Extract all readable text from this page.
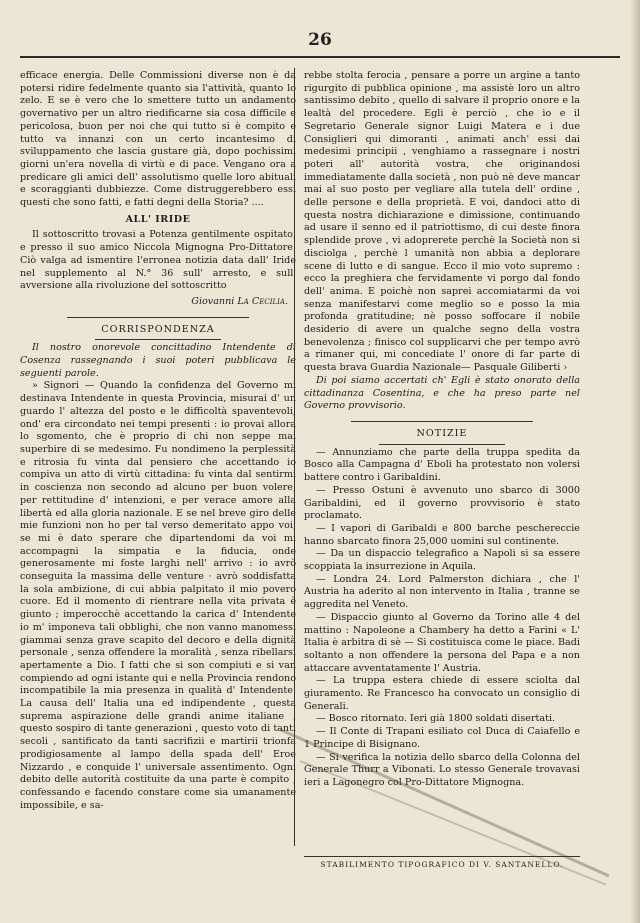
26

efficace energia. Delle Commissioni diverse non è da potersi ridire fedelmente quanto sia l'attività, quanto lo zelo. E se è vero che lo smettere tutto un andamento governativo per un altro riedificarne sia cosa difficile e pericolosa, buon per noi che qui tutto si è compito e tutto va innanzi con un certo incantesimo di sviluppamento che lascia gustare già, dopo pochissimi giorni un'era novella di virtù e di pace. Vengano ora a predicare gli amici dell' assolutismo quelle loro abituali e scoraggianti dubbiezze. Come distruggerebbero essi questi che sono fatti, e fatti degni della Storia? ....

ALL' IRIDE

Il sottoscritto trovasi a Potenza gentilmente ospitato, e presso il suo amico Niccola Mignogna Pro-Dittatore. Ciò valga ad ismentire l'erronea notizia data dall' Iride nel supplemento al N.° 36 sull' arresto, e sull' avversione alla rivoluzione del sottoscritto

Giovanni La Cecilia.
CORRISPONDENZA

Il nostro onorevole concittadino Intendente di Cosenza rassegnando i suoi poteri pubblicava le seguenti parole.

» Signori — Quando la confidenza del Governo mi destinava Intendente in questa Provincia, misurai d' un guardo l' altezza del posto e le difficoltà spaventevoli, ond' era circondato nei tempi presenti : io provai allora lo sgomento, che è proprio di chi non seppe mai superbire di se medesimo. Fu nondimeno la perplessità e ritrosia fu vinta dal pensiero che accettando io compiva un atto di virtù cittadina: fu vinta dal sentirmi in coscienza non secondo ad alcuno per buon volere, per rettitudine d' intenzioni, e per verace amore alla libertà ed alla gloria nazionale. E se nel breve giro delle mie funzioni non ho per tal verso demeritato appo voi, se mi è dato sperare che dipartendomi da voi mi accompagni la simpatia e la fiducia, onde generosamente mi foste larghi nell' arrivo : io avrò conseguita la massima delle venture · avrò soddisfatta la sola ambizione, di cui abbia palpitato il mio povero cuore. Ed il momento di rientrare nella vita privata è giunto ; imperocchè accettando la carica d' Intendente io m' imponeva tali obblighi, che non vanno manomessi giammai senza grave scapito del decoro e della dignità personale , senza offendere la moralità , senza ribellarsi apertamente a Dio. I fatti che si son compiuti e si van compiendo ad ogni istante qui e nella Provincia rendono incompatibile la mia presenza in qualità d' Intendente. La causa dell' Italia una ed indipendente , questa suprema aspirazione delle grandi anime italiane , questo sospiro di tante generazioni , questo voto di tanti secoli , santificato da tanti sacrifizii e martirii trionfa prodigiosamente al lampo della spada dell' Eroe Nizzardo , e conquide l' universale assentimento. Ogni debito delle autorità costituite da una parte è compito , confessando e facendo constare come sia umanamente impossibile, e sa-

rebbe stolta ferocia , pensare a porre un argine a tanto rigurgito di pubblica opinione , ma assistè loro un altro santissimo debito , quello di salvare il proprio onore e la lealtà del procedere. Egli è perciò , che io e il Segretario Generale signor Luigi Matera e i due Consiglieri qui dimoranti , animati anch' essi dai medesimi principii , venghiamo a rassegnare i nostri poteri all' autorità vostra, che originandosi immediatamente dalla società , non può nè deve mancar mai al suo posto per vegliare alla tutela dell' ordine , delle persone e della proprietà. E voi, dandoci atto di questa nostra dichiarazione e dimissione, continuando ad usare il senno ed il patriottismo, di cui deste finora splendide prove , vi adoprerete perchè la Società non si disciolga , perchè l umanità non abbia a deplorare scene di lutto e di sangue. Ecco il mio voto supremo : ecco la preghiera che fervidamente vi porgo dal fondo dell' anima. E poichè non saprei accomiatarmi da voi senza manifestarvi come meglio so e posso la mia profonda gratitudine; nè posso soffocare il nobile desiderio di avere un qualche segno della vostra benevolenza ; finisco col supplicarvi che per tempo avrò a rimaner qui, mi concediate l' onore di far parte di questa brava Guardia Nazionale— Pasquale Giliberti ›

Di poi siamo accertati ch' Egli è stato onorato della cittadinanza Cosentina, e che ha preso parte nel Governo provvisorio.

NOTIZIE

— Annunziamo che parte della truppa spedita da Bosco alla Campagna d' Eboli ha protestato non volersi battere contro i Garibaldini.

— Presso Ostuni è avvenuto uno sbarco di 3000 Garibaldini, ed il governo provvisorio è stato proclamato.

— I vapori di Garibaldi e 800 barche peschereccie hanno sbarcato finora 25,000 uomini sul continente.

— Da un dispaccio telegrafico a Napoli si sa essere scoppiata la insurrezione in Aquila.

— Londra 24. Lord Palmerston dichiara , che l' Austria ha aderito al non intervento in Italia , tranne se aggredita nel Veneto.

— Dispaccio giunto al Governo da Torino alle 4 del mattino : Napoleone a Chambery ha detto a Farini « L' Italia è arbitra di sè — Si costituisca come le piace. Badi soltanto a non offendere la persona del Papa e a non attaccare avventatamente l' Austria.

— La truppa estera chiede di essere sciolta dal giuramento. Re Francesco ha convocato un consiglio di Generali.

— Bosco ritornato. Ieri già 1800 soldati disertati.

— Il Conte di Trapani esiliato col Duca di Caiafello e 1 Principe di Bisignano.

— Si verifica la notizia dello sbarco della Colonna del Generale Thurr a Vibonati. Lo stesso Generale trovavasi ieri a Lagonegro col Pro-Dittatore Mignogna.

STABILIMENTO TIPOGRAFICO DI V. SANTANELLO.
